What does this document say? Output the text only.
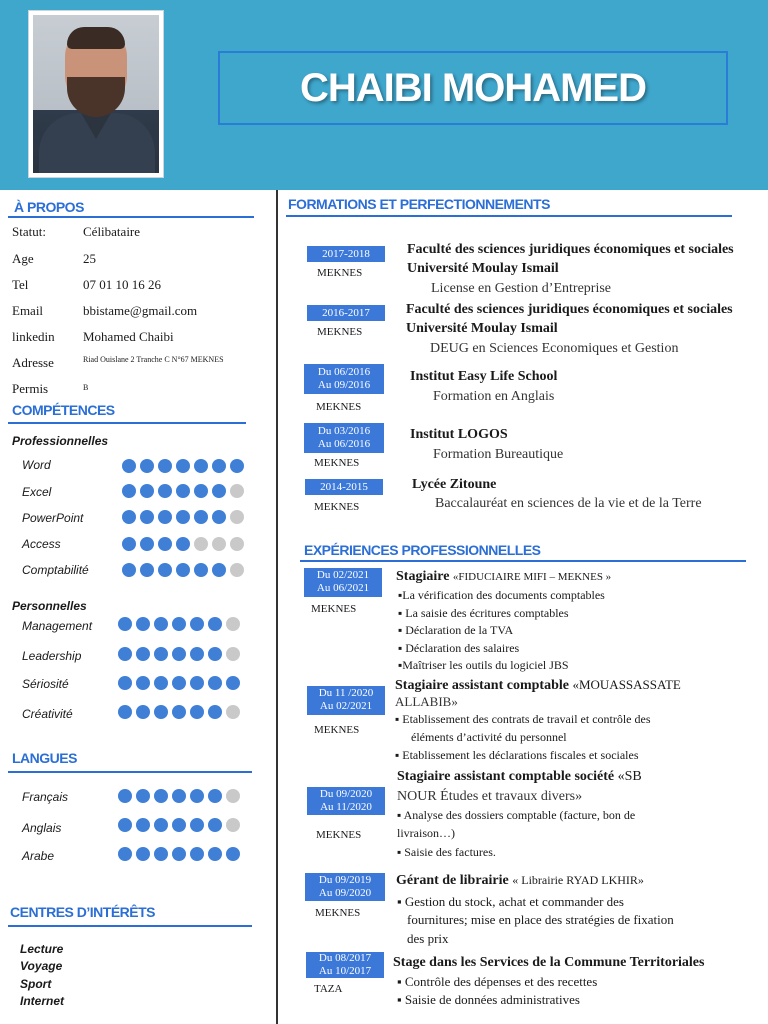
CHAIBI MOHAMED
À PROPOS
Statut:	Célibataire
Age	25
Tel	07 01 10 16 26
Email	bbistame@gmail.com
linkedin Mohamed Chaibi
Adresse	Riad Ouislane 2 Tranche C N°67 MEKNES
Permis	B
COMPÉTENCES
Professionnelles
Word
Excel
PowerPoint
Access
Comptabilité
Personnelles
Management
Leadership
Sériosité
Créativité
LANGUES
Français
Anglais
Arabe
CENTRES D’INTÉRÊTS
Lecture
Voyage
Sport
Internet
FORMATIONS ET PERFECTIONNEMENTS
2017-2018
MEKNES
Faculté des sciences juridiques économiques et sociales
Université Moulay Ismail
License en Gestion d’Entreprise
2016-2017
MEKNES
Faculté des sciences juridiques économiques et sociales
Université Moulay Ismail
DEUG en Sciences Economiques et Gestion
Du 06/2016
Au 09/2016
MEKNES
Institut Easy Life School
Formation en Anglais
Du 03/2016
Au 06/2016
MEKNES
Institut LOGOS
Formation Bureautique
2014-2015
MEKNES
Lycée Zitoune
Baccalauréat en sciences de la vie et de la Terre
EXPÉRIENCES PROFESSIONNELLES
Du 02/2021
Au 06/2021
MEKNES
Stagiaire «FIDUCIAIRE MIFI – MEKNES »
▪La vérification des documents comptables
▪ La saisie des écritures comptables
▪ Déclaration de la TVA
▪ Déclaration des salaires
▪Maîtriser les outils du logiciel JBS
Du 11 /2020
Au 02/2021
MEKNES
Stagiaire assistant comptable «MOUASSASSATE
ALLABIB»
▪ Etablissement des contrats de travail et contrôle des
éléments d’activité du personnel
▪ Etablissement les déclarations fiscales et sociales
Du 09/2020
Au 11/2020
MEKNES
Stagiaire assistant comptable société «SB
NOUR Études et travaux divers»
▪ Analyse des dossiers comptable (facture, bon de
livraison…)
▪ Saisie des factures.
Du 09/2019
Au 09/2020
MEKNES
Gérant de librairie « Librairie RYAD LKHIR»
▪ Gestion du stock, achat et commander des
fournitures; mise en place des stratégies de fixation
des prix
Du 08/2017
Au 10/2017
TAZA
Stage dans les Services de la Commune Territoriales
▪ Contrôle des dépenses et des recettes
▪ Saisie de données administratives
